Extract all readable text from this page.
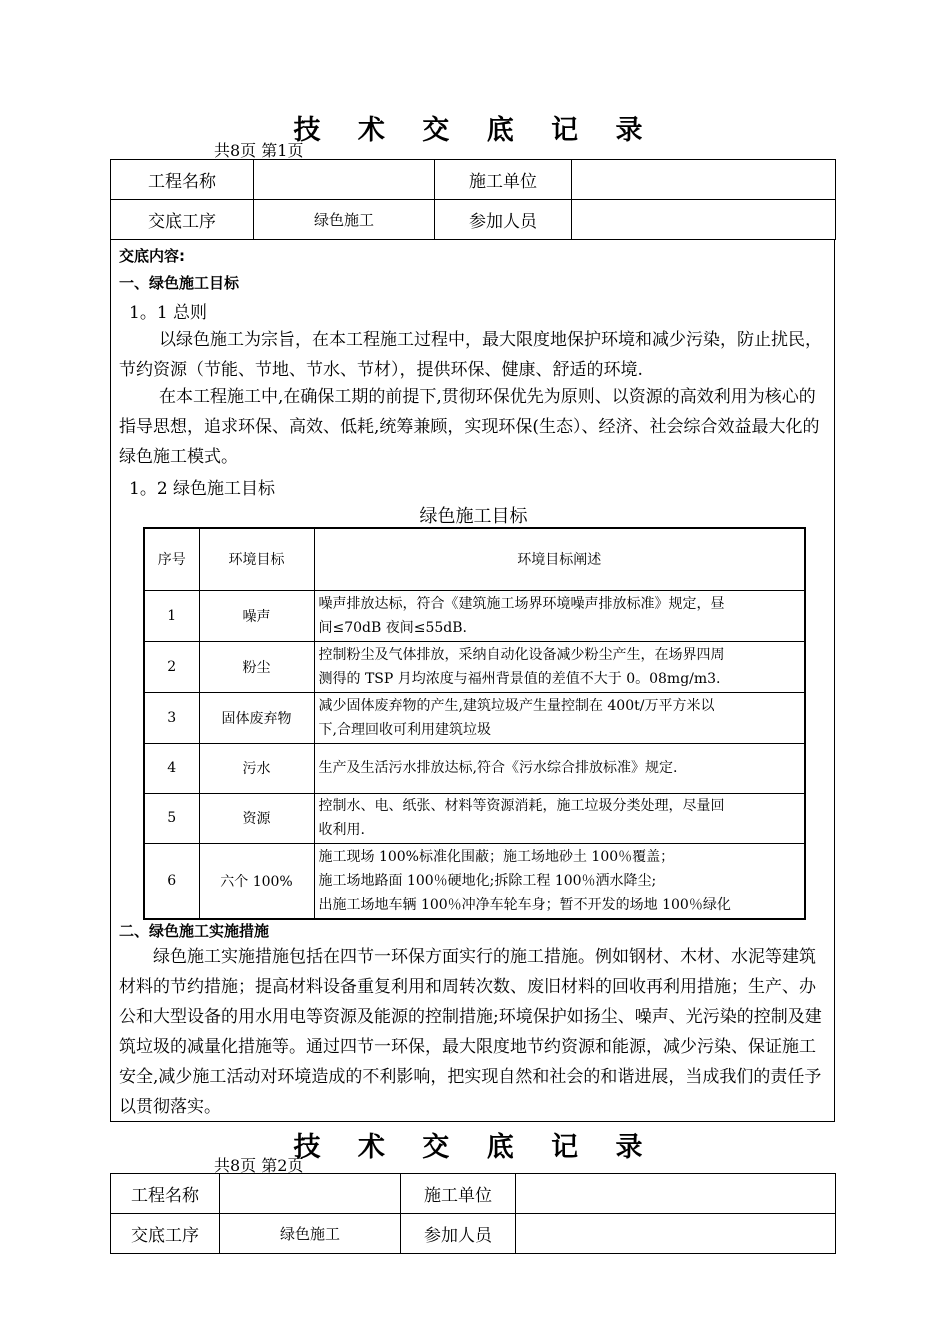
技 术 交 底 记 录
共8页 第1页
工程名称		施工单位	
交底工序	绿色施工	参加人员	
交底内容:
一、绿色施工目标
1。1 总则
以绿色施工为宗旨，在本工程施工过程中，最大限度地保护环境和减少污染，防止扰民，节约资源（节能、节地、节水、节材），提供环保、健康、舒适的环境.
在本工程施工中,在确保工期的前提下,贯彻环保优先为原则、以资源的高效利用为核心的指导思想，追求环保、高效、低耗,统筹兼顾，实现环保(生态）、经济、社会综合效益最大化的绿色施工模式。
1。2 绿色施工目标
绿色施工目标
序号	环境目标	环境目标阐述
1	噪声	噪声排放达标，符合《建筑施工场界环境噪声排放标准》规定，昼
间≤70dB 夜间≤55dB.

2	粉尘	控制粉尘及气体排放，采纳自动化设备减少粉尘产生，在场界四周
测得的 TSP 月均浓度与福州背景值的差值不大于 0。08mg/m3.

3	固体废弃物	减少固体废弃物的产生,建筑垃圾产生量控制在 400t/万平方米以
下,合理回收可利用建筑垃圾

4	污水	生产及生活污水排放达标,符合《污水综合排放标准》规定.

5	资源	控制水、电、纸张、材料等资源消耗，施工垃圾分类处理，尽量回
收利用.

6	六个 100%	施工现场 100%标准化围蔽；施工场地砂土 100％覆盖；
施工场地路面 100％硬地化;拆除工程 100％洒水降尘;
出施工场地车辆 100％冲净车轮车身；暂不开发的场地 100％绿化
二、绿色施工实施措施
绿色施工实施措施包括在四节一环保方面实行的施工措施。例如钢材、木材、水泥等建筑材料的节约措施；提高材料设备重复利用和周转次数、废旧材料的回收再利用措施；生产、办公和大型设备的用水用电等资源及能源的控制措施;环境保护如扬尘、噪声、光污染的控制及建筑垃圾的减量化措施等。通过四节一环保，最大限度地节约资源和能源，减少污染、保证施工安全,减少施工活动对环境造成的不利影响，把实现自然和社会的和谐进展，当成我们的责任予以贯彻落实。
技 术 交 底 记 录
共8页 第2页
工程名称		施工单位	
交底工序	绿色施工	参加人员	
